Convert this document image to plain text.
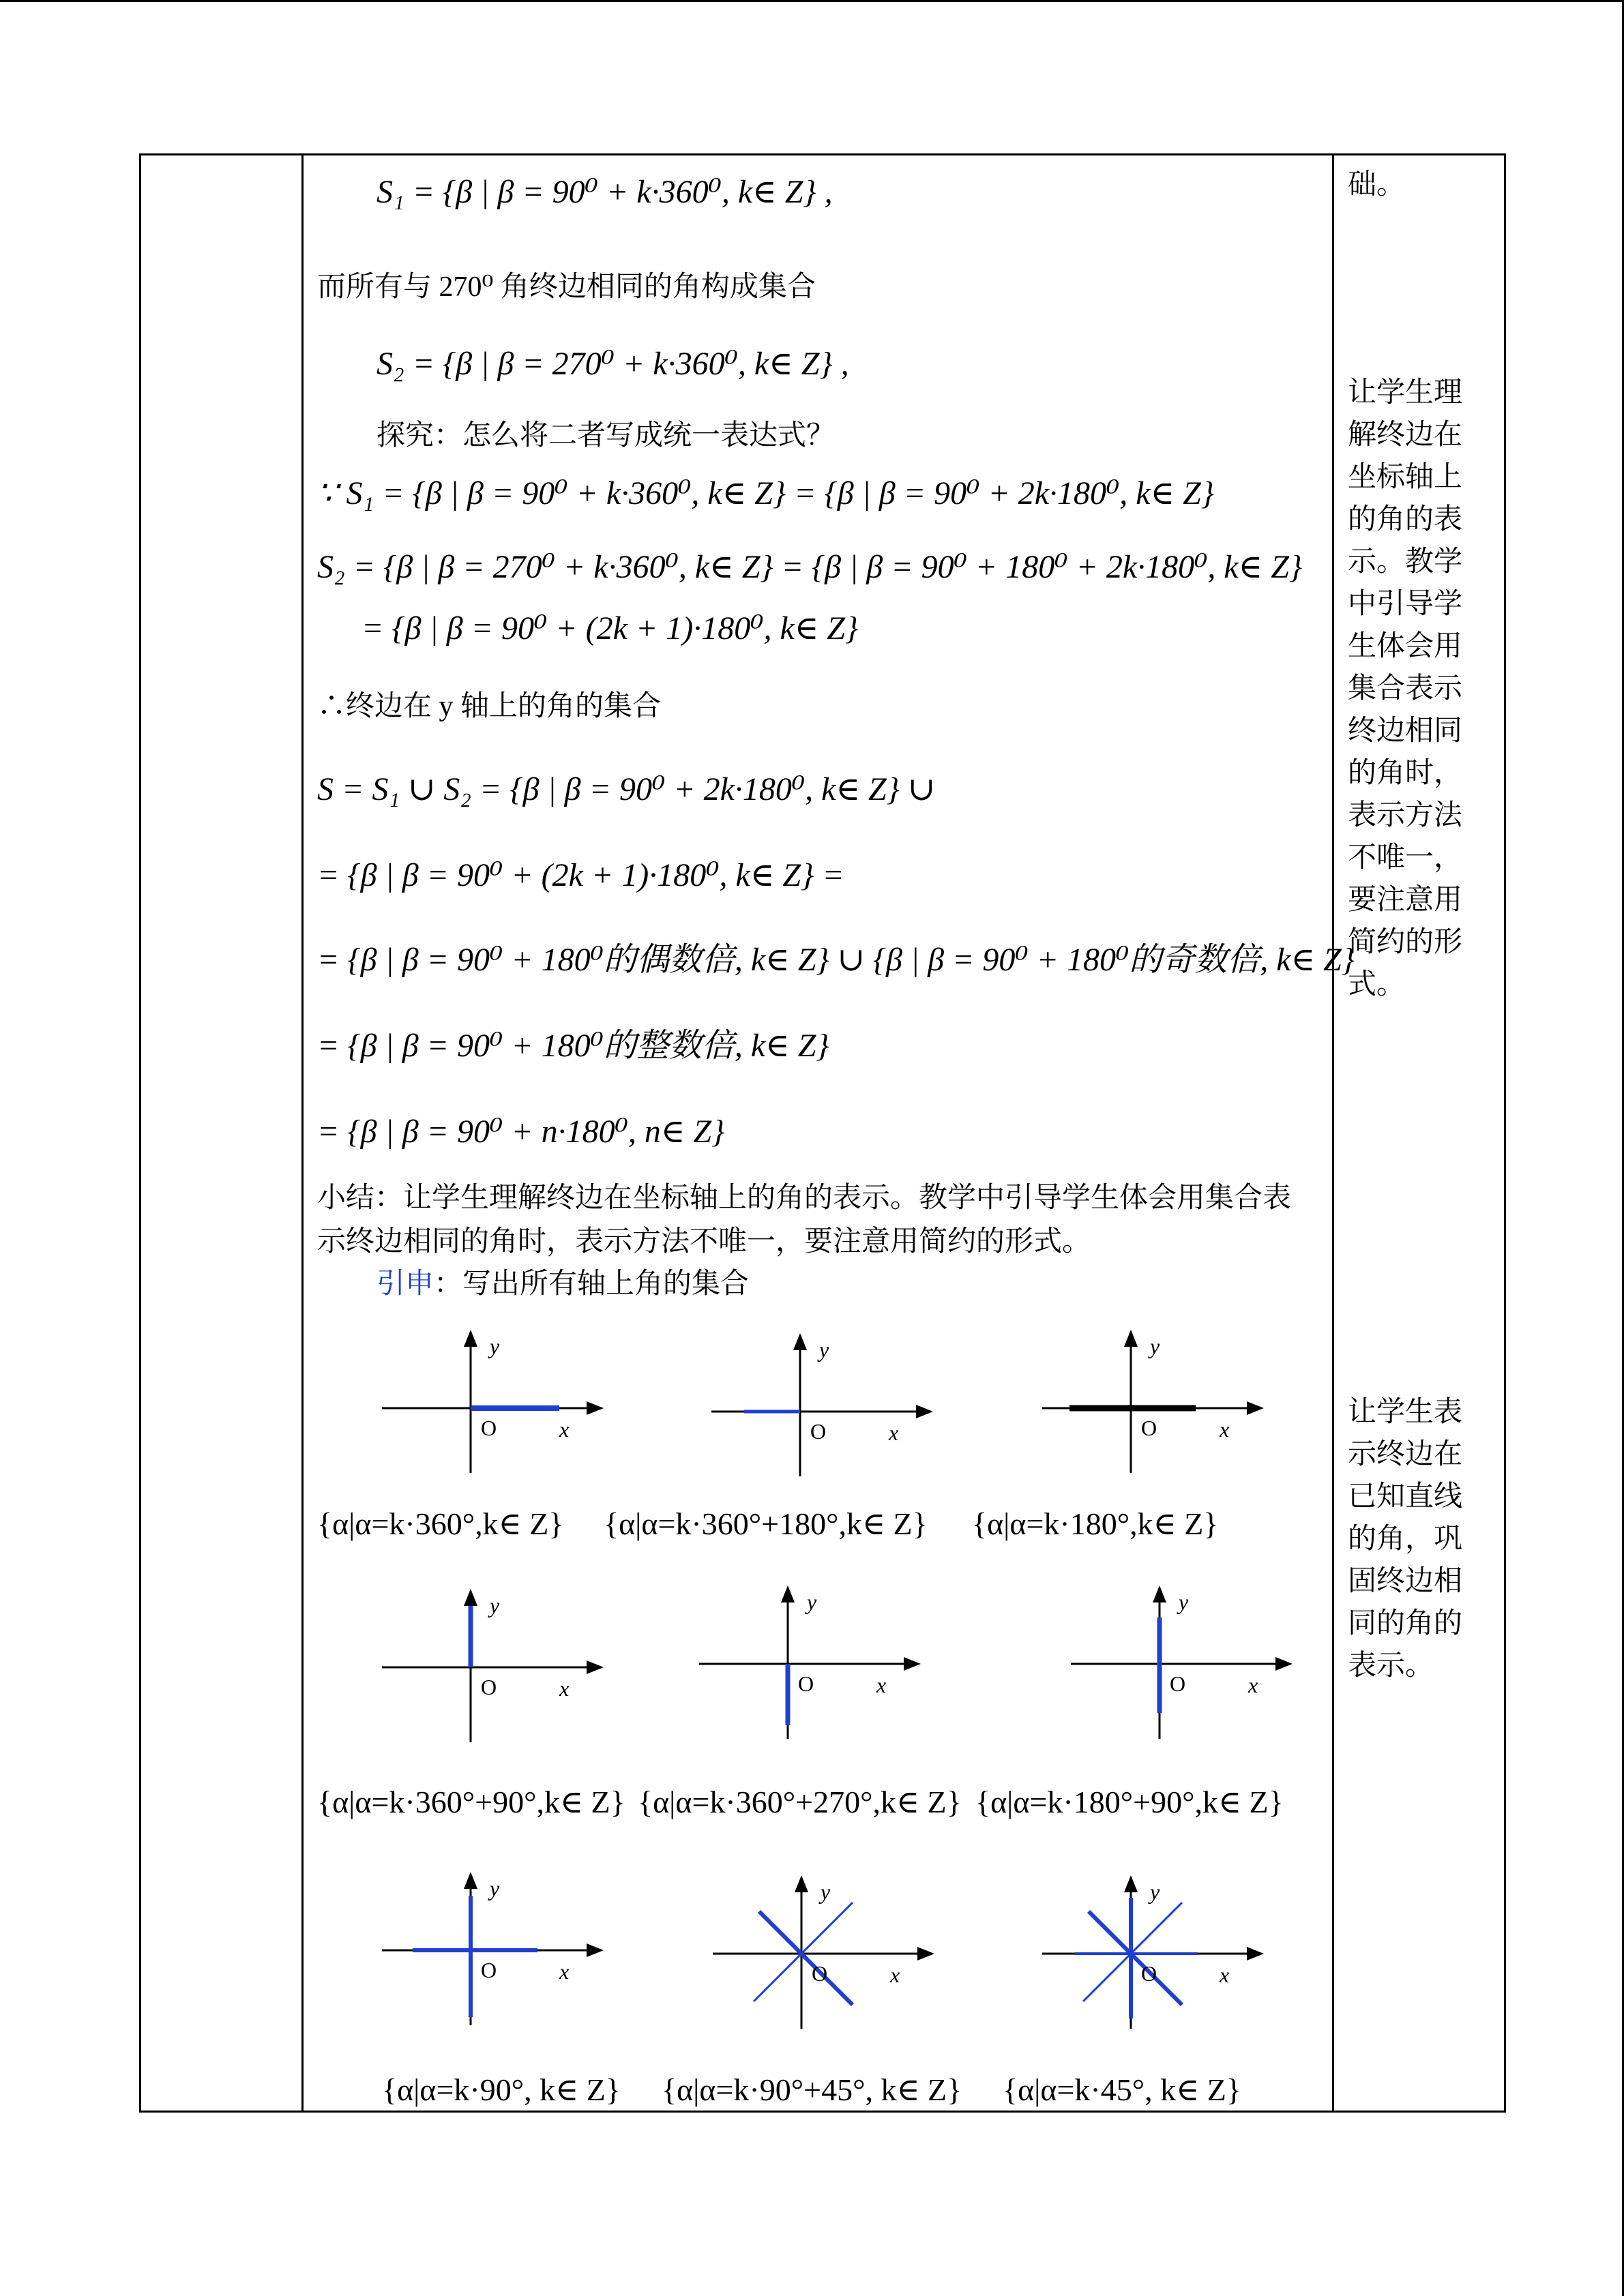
S₁ = {β | β = 90⁰ + k·360⁰, k∈ Z} ,
而所有与 270⁰ 角终边相同的角构成集合
S₂ = {β | β = 270⁰ + k·360⁰, k∈ Z} ,
探究：怎么将二者写成统一表达式？
∵ S₁ = {β | β = 90⁰ + k·360⁰, k∈ Z} = {β | β = 90⁰ + 2k·180⁰, k∈ Z}
S₂ = {β | β = 270⁰ + k·360⁰, k∈ Z} = {β | β = 90⁰ + 180⁰ + 2k·180⁰, k∈ Z}
= {β | β = 90⁰ + (2k + 1)·180⁰, k∈ Z}
∴终边在 y 轴上的角的集合
S = S₁ ∪ S₂ = {β | β = 90⁰ + 2k·180⁰, k∈ Z} ∪
= {β | β = 90⁰ + (2k + 1)·180⁰, k∈ Z} =
= {β | β = 90⁰ + 180⁰的偶数倍, k∈ Z} ∪ {β | β = 90⁰ + 180⁰的奇数倍, k∈ Z}
= {β | β = 90⁰ + 180⁰的整数倍, k∈ Z}
= {β | β = 90⁰ + n·180⁰, n∈ Z}
小结：让学生理解终边在坐标轴上的角的表示。教学中引导学生体会用集合表
示终边相同的角时，表示方法不唯一，要注意用简约的形式。
引申：写出所有轴上角的集合
础。
让学生理
解终边在
坐标轴上
的角的表
示。教学
中引导学
生体会用
集合表示
终边相同
的角时，
表示方法
不唯一，
要注意用
简约的形
式。
让学生表
示终边在
已知直线
的角，巩
固终边相
同的角的
表示。
y
x
O
y
x
O
y
x
O
{α|α=k·360°,k∈ Z} {α|α=k·360°+180°,k∈ Z} {α|α=k·180°,k∈ Z}
y
x
O
y
x
O
y
x
O
{α|α=k·360°+90°,k∈ Z} {α|α=k·360°+270°,k∈ Z} {α|α=k·180°+90°,k∈ Z}
y
x
O
y
x
O
y
x
O
{α|α=k·90°, k∈ Z} {α|α=k·90°+45°, k∈ Z} {α|α=k·45°, k∈ Z}
